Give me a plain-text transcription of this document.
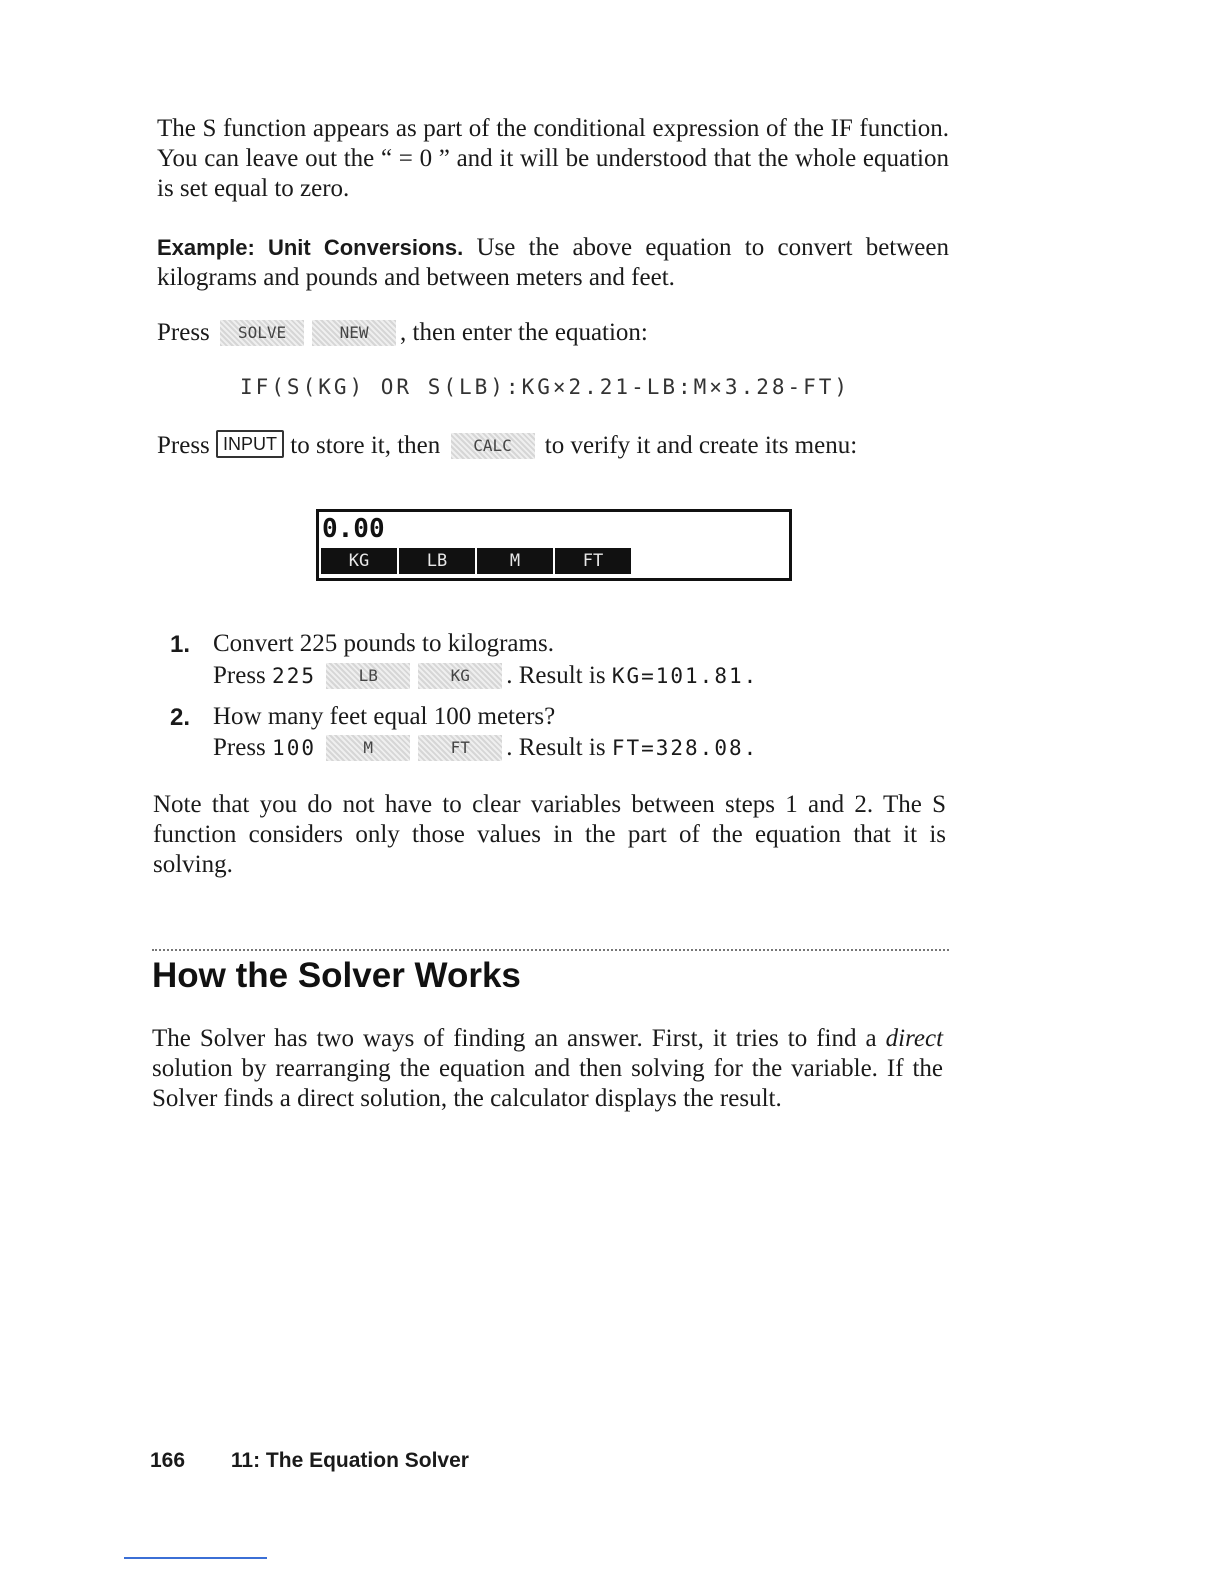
The S function appears as part of the conditional expression of the IF function. You can leave out the “ = 0 ” and it will be understood that the whole equation is set equal to zero.

Example: Unit Conversions. Use the above equation to convert between kilograms and pounds and between meters and feet.

Press SOLVE	NEW , then enter the equation:

IF(S(KG) OR S(LB):KG×2.21-LB:M×3.28-FT)

Press INPUT to store it, then CALC to verify it and create its menu:

0.00
KG	LB	M	FT
1. Convert 225 pounds to kilograms.
Press 225	LB	KG . Result is KG=101.81.
2. How many feet equal 100 meters?
Press 100	M	FT . Result is FT=328.08.

Note that you do not have to clear variables between steps 1 and 2. The S function considers only those values in the part of the equation that it is solving.

How the Solver Works

The Solver has two ways of finding an answer. First, it tries to find a direct solution by rearranging the equation and then solving for the variable. If the Solver finds a direct solution, the calculator displays the result.

166 11: The Equation Solver
